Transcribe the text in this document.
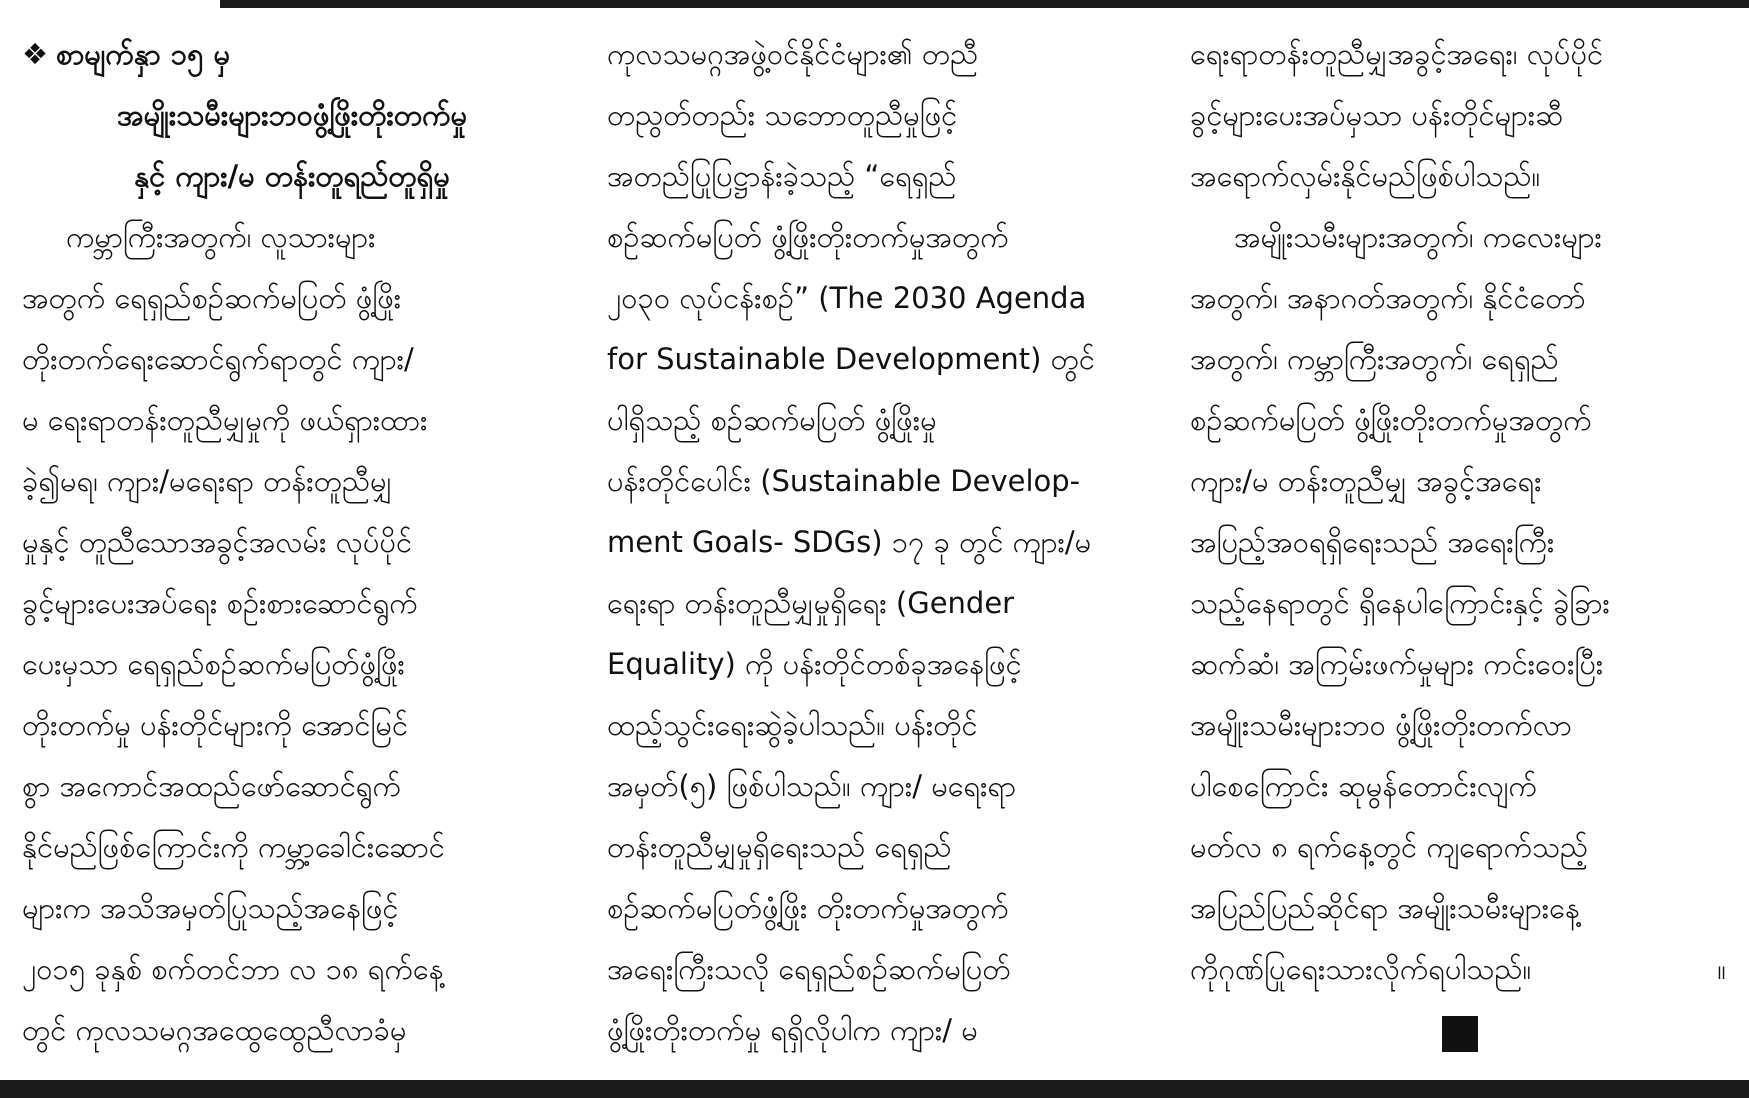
❖ စာမျက်နှာ ၁၅ မှ
အမျိုးသမီးများဘဝဖွံ့ဖြိုးတိုးတက်မှု
နှင့် ကျား/မ တန်းတူရည်တူရှိမှု
ကမ္ဘာကြီးအတွက်၊ လူသားများ
အတွက် ရေရှည်စဉ်ဆက်မပြတ် ဖွံ့ဖြိုး
တိုးတက်ရေးဆောင်ရွက်ရာတွင် ကျား/
မ ရေးရာတန်းတူညီမျှမှုကို ဖယ်ရှားထား
ခဲ့၍မရ၊ ကျား/မရေးရာ တန်းတူညီမျှ
မှုနှင့် တူညီသောအခွင့်အလမ်း လုပ်ပိုင်
ခွင့်များပေးအပ်ရေး စဉ်းစားဆောင်ရွက်
ပေးမှသာ ရေရှည်စဉ်ဆက်မပြတ်ဖွံ့ဖြိုး
တိုးတက်မှု ပန်းတိုင်များကို အောင်မြင်
စွာ အကောင်အထည်ဖော်ဆောင်ရွက်
နိုင်မည်ဖြစ်ကြောင်းကို ကမ္ဘာ့ခေါင်းဆောင်
များက အသိအမှတ်ပြုသည့်အနေဖြင့်
၂၀၁၅ ခုနှစ် စက်တင်ဘာ လ ၁၈ ရက်နေ့
တွင် ကုလသမဂ္ဂအထွေထွေညီလာခံမှ
ကုလသမဂ္ဂအဖွဲ့ဝင်နိုင်ငံများ၏ တညီ
တညွတ်တည်း သဘောတူညီမှုဖြင့်
အတည်ပြုပြဋ္ဌာန်းခဲ့သည့် “ရေရှည်
စဉ်ဆက်မပြတ် ဖွံ့ဖြိုးတိုးတက်မှုအတွက်
၂၀၃၀ လုပ်ငန်းစဉ်” (The 2030 Agenda
for Sustainable Development) တွင်
ပါရှိသည့် စဉ်ဆက်မပြတ် ဖွံ့ဖြိုးမှု
ပန်းတိုင်ပေါင်း (Sustainable Develop-
ment Goals- SDGs) ၁၇ ခု တွင် ကျား/မ
ရေးရာ တန်းတူညီမျှမှုရှိရေး (Gender
Equality) ကို ပန်းတိုင်တစ်ခုအနေဖြင့်
ထည့်သွင်းရေးဆွဲခဲ့ပါသည်။ ပန်းတိုင်
အမှတ်(၅) ဖြစ်ပါသည်။ ကျား/ မရေးရာ
တန်းတူညီမျှမှုရှိရေးသည် ရေရှည်
စဉ်ဆက်မပြတ်ဖွံ့ဖြိုး တိုးတက်မှုအတွက်
အရေးကြီးသလို ရေရှည်စဉ်ဆက်မပြတ်
ဖွံ့ဖြိုးတိုးတက်မှု ရရှိလိုပါက ကျား/ မ
ရေးရာတန်းတူညီမျှအခွင့်အရေး၊ လုပ်ပိုင်
ခွင့်များပေးအပ်မှသာ ပန်းတိုင်များဆီ
အရောက်လှမ်းနိုင်မည်ဖြစ်ပါသည်။
အမျိုးသမီးများအတွက်၊ ကလေးများ
အတွက်၊ အနာဂတ်အတွက်၊ နိုင်ငံတော်
အတွက်၊ ကမ္ဘာကြီးအတွက်၊ ရေရှည်
စဉ်ဆက်မပြတ် ဖွံ့ဖြိုးတိုးတက်မှုအတွက်
ကျား/မ တန်းတူညီမျှ အခွင့်အရေး
အပြည့်အဝရရှိရေးသည် အရေးကြီး
သည့်နေရာတွင် ရှိနေပါကြောင်းနှင့် ခွဲခြား
ဆက်ဆံ၊ အကြမ်းဖက်မှုများ ကင်းဝေးပြီး
အမျိုးသမီးများဘဝ ဖွံ့ဖြိုးတိုးတက်လာ
ပါစေကြောင်း ဆုမွန်တောင်းလျက်
မတ်လ ၈ ရက်နေ့တွင် ကျရောက်သည့်
အပြည်ပြည်ဆိုင်ရာ အမျိုးသမီးများနေ့
ကိုဂုဏ်ပြုရေးသားလိုက်ရပါသည်။	။
